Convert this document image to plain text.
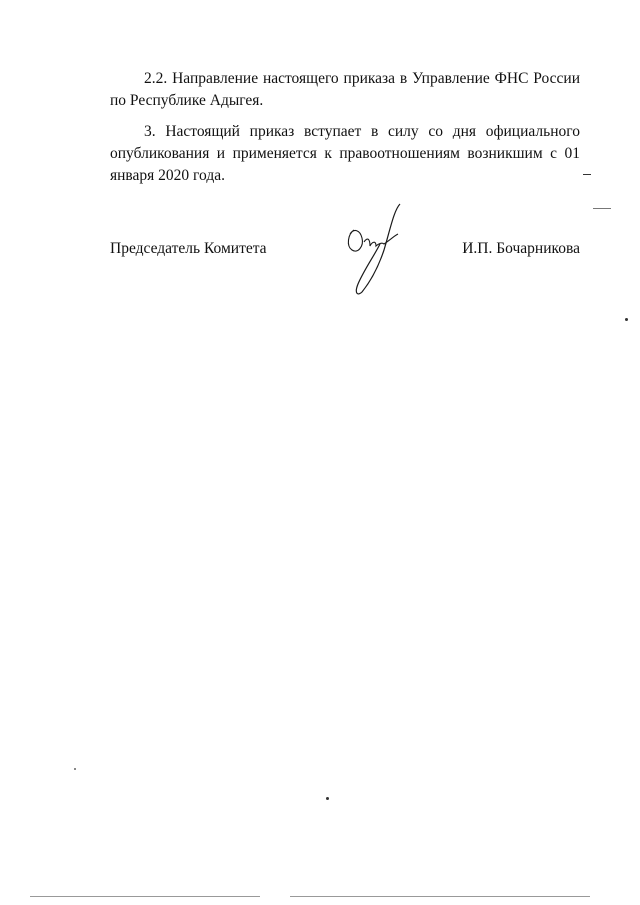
2.2. Направление настоящего приказа в Управление ФНС России по Республике Адыгея.

3. Настоящий приказ вступает в силу со дня официального опубликования и применяется к правоотношениям возникшим с 01 января 2020 года.

Председатель Комитета	И.П. Бочарникова
